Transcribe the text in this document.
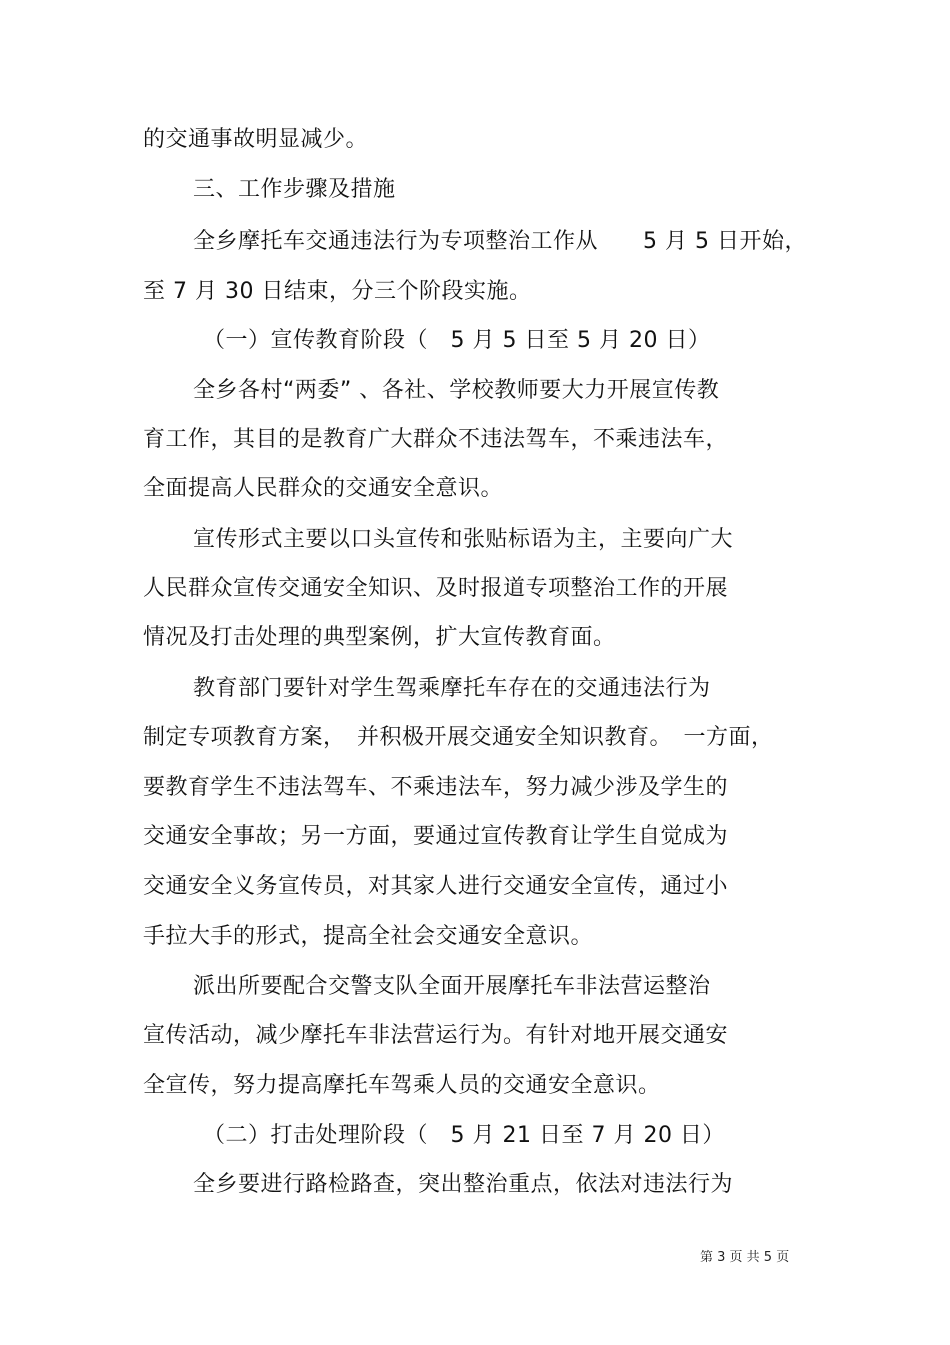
的交通事故明显减少。
三、工作步骤及措施
全乡摩托车交通违法行为专项整治工作从　　5 月 5 日开始，
至 7 月 30 日结束，分三个阶段实施。
（一）宣传教育阶段（　5 月 5 日至 5 月 20 日）
全乡各村“两委” 、各社、学校教师要大力开展宣传教
育工作，其目的是教育广大群众不违法驾车，不乘违法车，
全面提高人民群众的交通安全意识。
宣传形式主要以口头宣传和张贴标语为主，主要向广大
人民群众宣传交通安全知识、及时报道专项整治工作的开展
情况及打击处理的典型案例，扩大宣传教育面。
教育部门要针对学生驾乘摩托车存在的交通违法行为
制定专项教育方案，　并积极开展交通安全知识教育。　一方面，
要教育学生不违法驾车、不乘违法车，努力减少涉及学生的
交通安全事故；另一方面，要通过宣传教育让学生自觉成为
交通安全义务宣传员，对其家人进行交通安全宣传，通过小
手拉大手的形式，提高全社会交通安全意识。
派出所要配合交警支队全面开展摩托车非法营运整治
宣传活动，减少摩托车非法营运行为。有针对地开展交通安
全宣传，努力提高摩托车驾乘人员的交通安全意识。
（二）打击处理阶段（　5 月 21 日至 7 月 20 日）
全乡要进行路检路查，突出整治重点，依法对违法行为
第 3 页 共 5 页
